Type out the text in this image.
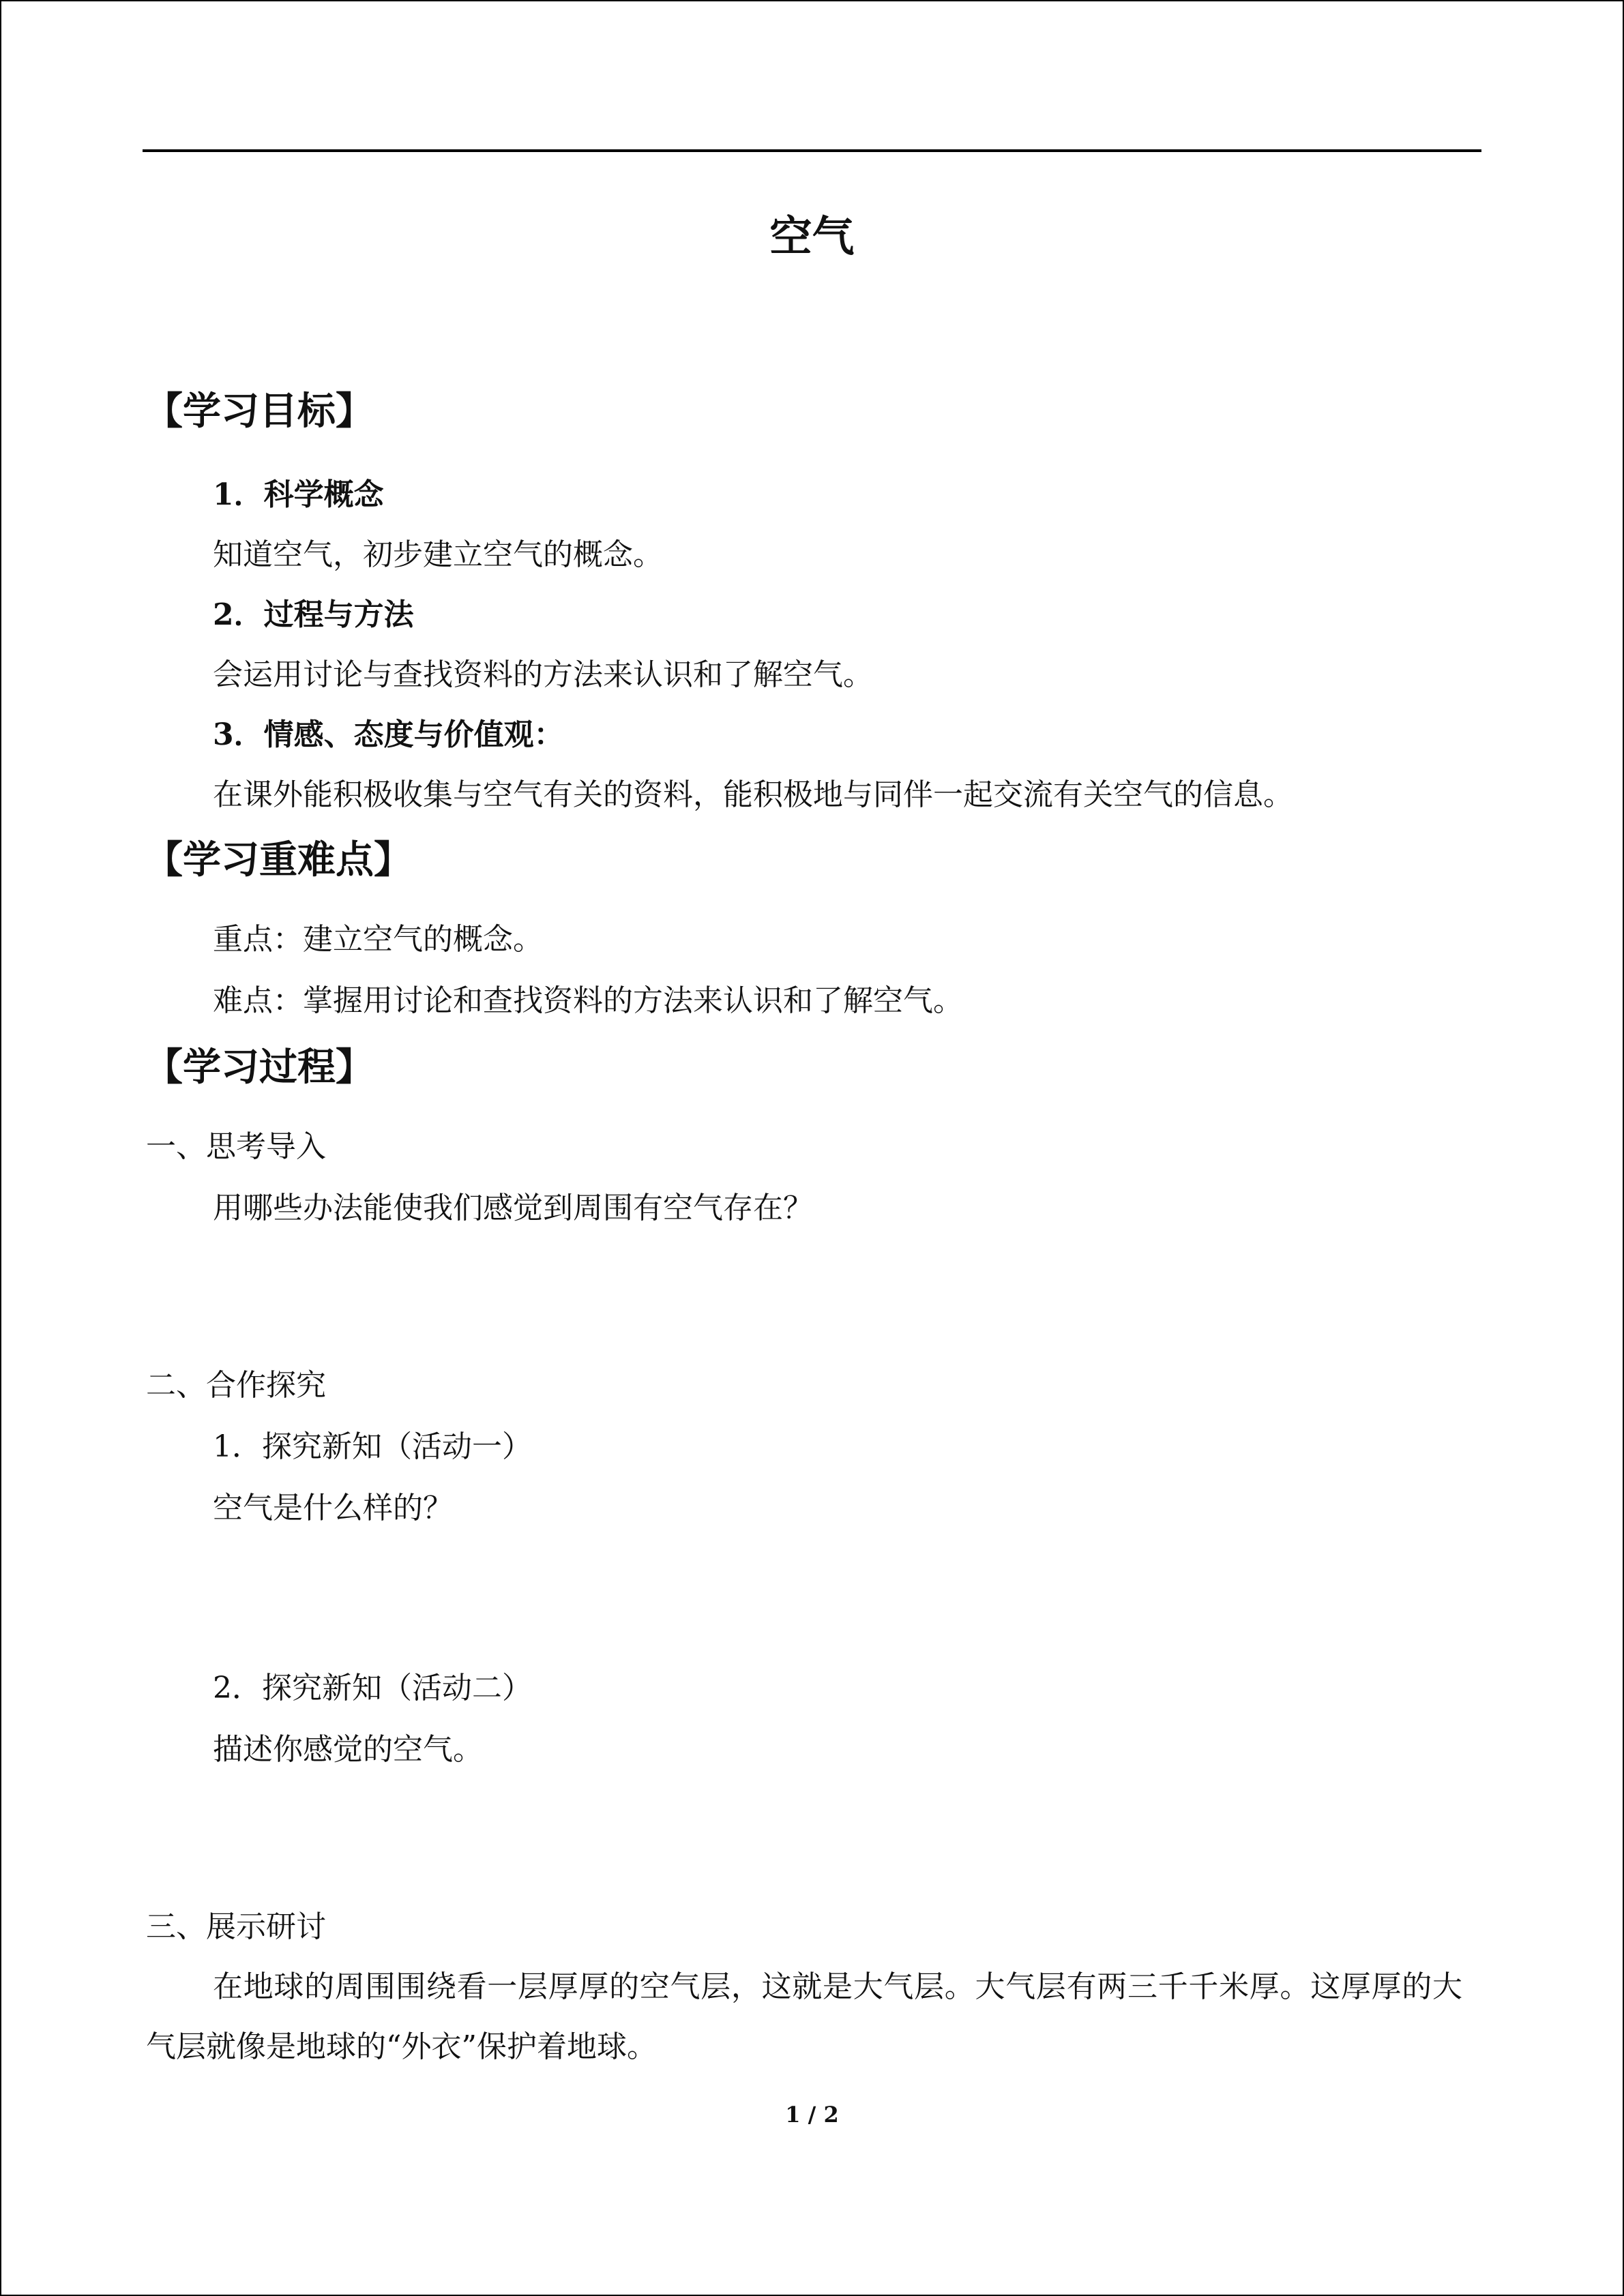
空气
【学习目标】
1．科学概念
知道空气，初步建立空气的概念。
2．过程与方法
会运用讨论与查找资料的方法来认识和了解空气。
3．情感、态度与价值观：
在课外能积极收集与空气有关的资料，能积极地与同伴一起交流有关空气的信息。
【学习重难点】
重点：建立空气的概念。
难点：掌握用讨论和查找资料的方法来认识和了解空气。
【学习过程】
一、思考导入
用哪些办法能使我们感觉到周围有空气存在？
二、合作探究
1．探究新知（活动一）
空气是什么样的？
2．探究新知（活动二）
描述你感觉的空气。
三、展示研讨
在地球的周围围绕看一层厚厚的空气层，这就是大气层。大气层有两三千千米厚。这厚厚的大气层就像是地球的“外衣”保护着地球。
1 / 2
